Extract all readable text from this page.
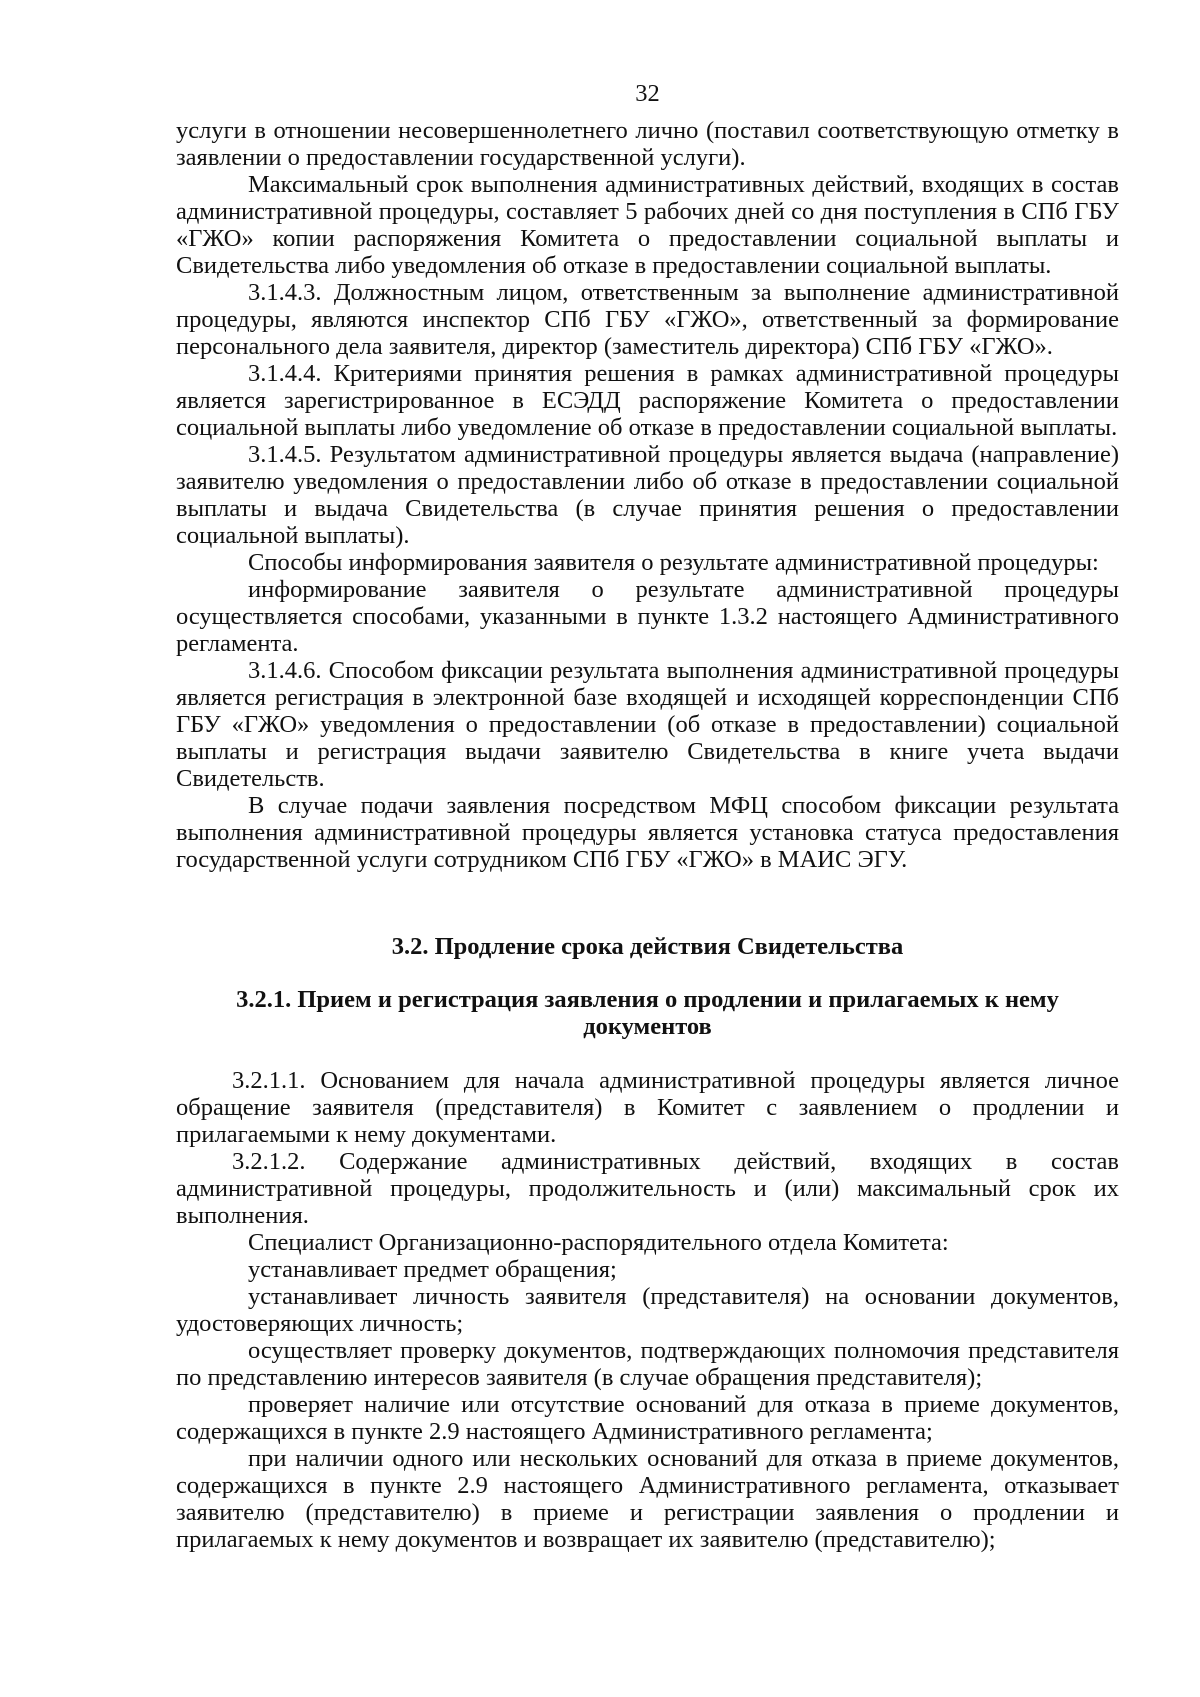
32

услуги в отношении несовершеннолетнего лично (поставил соответствующую отметку в заявлении о предоставлении государственной услуги).

Максимальный срок выполнения административных действий, входящих в состав административной процедуры, составляет 5 рабочих дней со дня поступления в СПб ГБУ «ГЖО» копии распоряжения Комитета о предоставлении социальной выплаты и Свидетельства либо уведомления об отказе в предоставлении социальной выплаты.

3.1.4.3. Должностным лицом, ответственным за выполнение административной процедуры, являются инспектор СПб ГБУ «ГЖО», ответственный за формирование персонального дела заявителя, директор (заместитель директора) СПб ГБУ «ГЖО».

3.1.4.4. Критериями принятия решения в рамках административной процедуры является зарегистрированное в ЕСЭДД распоряжение Комитета о предоставлении социальной выплаты либо уведомление об отказе в предоставлении социальной выплаты.

3.1.4.5. Результатом административной процедуры является выдача (направление) заявителю уведомления о предоставлении либо об отказе в предоставлении социальной выплаты и выдача Свидетельства (в случае принятия решения о предоставлении социальной выплаты).

Способы информирования заявителя о результате административной процедуры:

информирование заявителя о результате административной процедуры осуществляется способами, указанными в пункте 1.3.2 настоящего Административного регламента.

3.1.4.6. Способом фиксации результата выполнения административной процедуры является регистрация в электронной базе входящей и исходящей корреспонденции СПб ГБУ «ГЖО» уведомления о предоставлении (об отказе в предоставлении) социальной выплаты и регистрация выдачи заявителю Свидетельства в книге учета выдачи Свидетельств.

В случае подачи заявления посредством МФЦ способом фиксации результата выполнения административной процедуры является установка статуса предоставления государственной услуги сотрудником СПб ГБУ «ГЖО» в МАИС ЭГУ.

3.2. Продление срока действия Свидетельства
3.2.1. Прием и регистрация заявления о продлении и прилагаемых к нему документов

3.2.1.1. Основанием для начала административной процедуры является личное обращение заявителя (представителя) в Комитет с заявлением о продлении и прилагаемыми к нему документами.

3.2.1.2. Содержание административных действий, входящих в состав административной процедуры, продолжительность и (или) максимальный срок их выполнения.

Специалист Организационно-распорядительного отдела Комитета:

устанавливает предмет обращения;

устанавливает личность заявителя (представителя) на основании документов, удостоверяющих личность;

осуществляет проверку документов, подтверждающих полномочия представителя по представлению интересов заявителя (в случае обращения представителя);

проверяет наличие или отсутствие оснований для отказа в приеме документов, содержащихся в пункте 2.9 настоящего Административного регламента;

при наличии одного или нескольких оснований для отказа в приеме документов, содержащихся в пункте 2.9 настоящего Административного регламента, отказывает заявителю (представителю) в приеме и регистрации заявления о продлении и прилагаемых к нему документов и возвращает их заявителю (представителю);
